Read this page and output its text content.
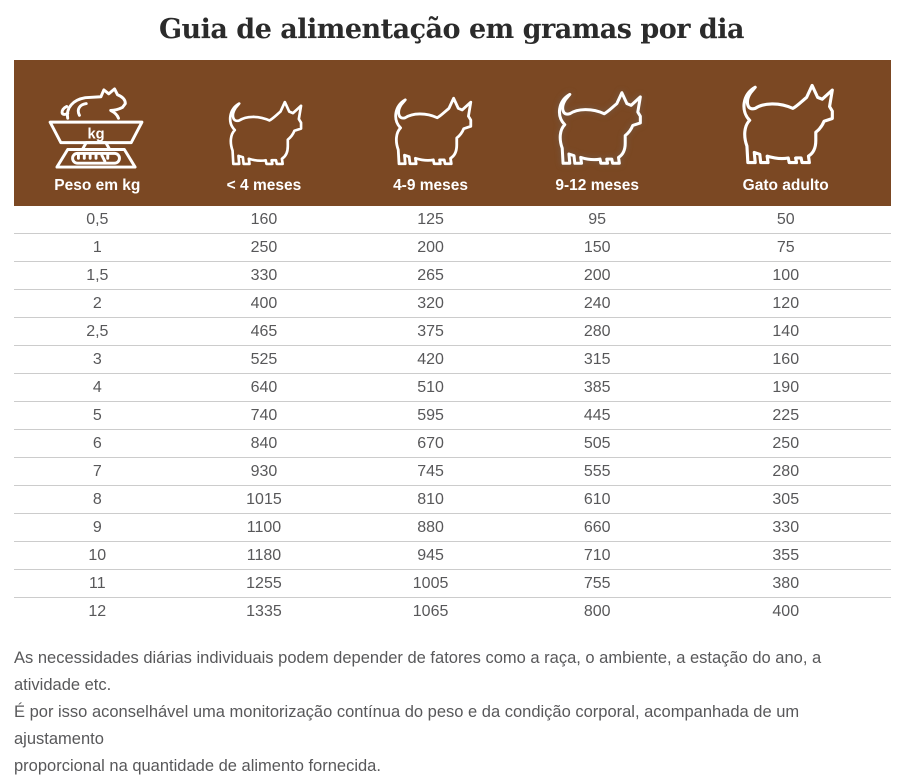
Guia de alimentação em gramas por dia
kg
Peso em kg	< 4 meses	4-9 meses	9-12 meses	Gato adulto
0,5	160	125	95	50
1	250	200	150	75
1,5	330	265	200	100
2	400	320	240	120
2,5	465	375	280	140
3	525	420	315	160
4	640	510	385	190
5	740	595	445	225
6	840	670	505	250
7	930	745	555	280
8	1015	810	610	305
9	1100	880	660	330
10	1180	945	710	355
11	1255	1005	755	380
12	1335	1065	800	400
As necessidades diárias individuais podem depender de fatores como a raça, o ambiente, a estação do ano, a atividade etc.
É por isso aconselhável uma monitorização contínua do peso e da condição corporal, acompanhada de um ajustamento
proporcional na quantidade de alimento fornecida.
